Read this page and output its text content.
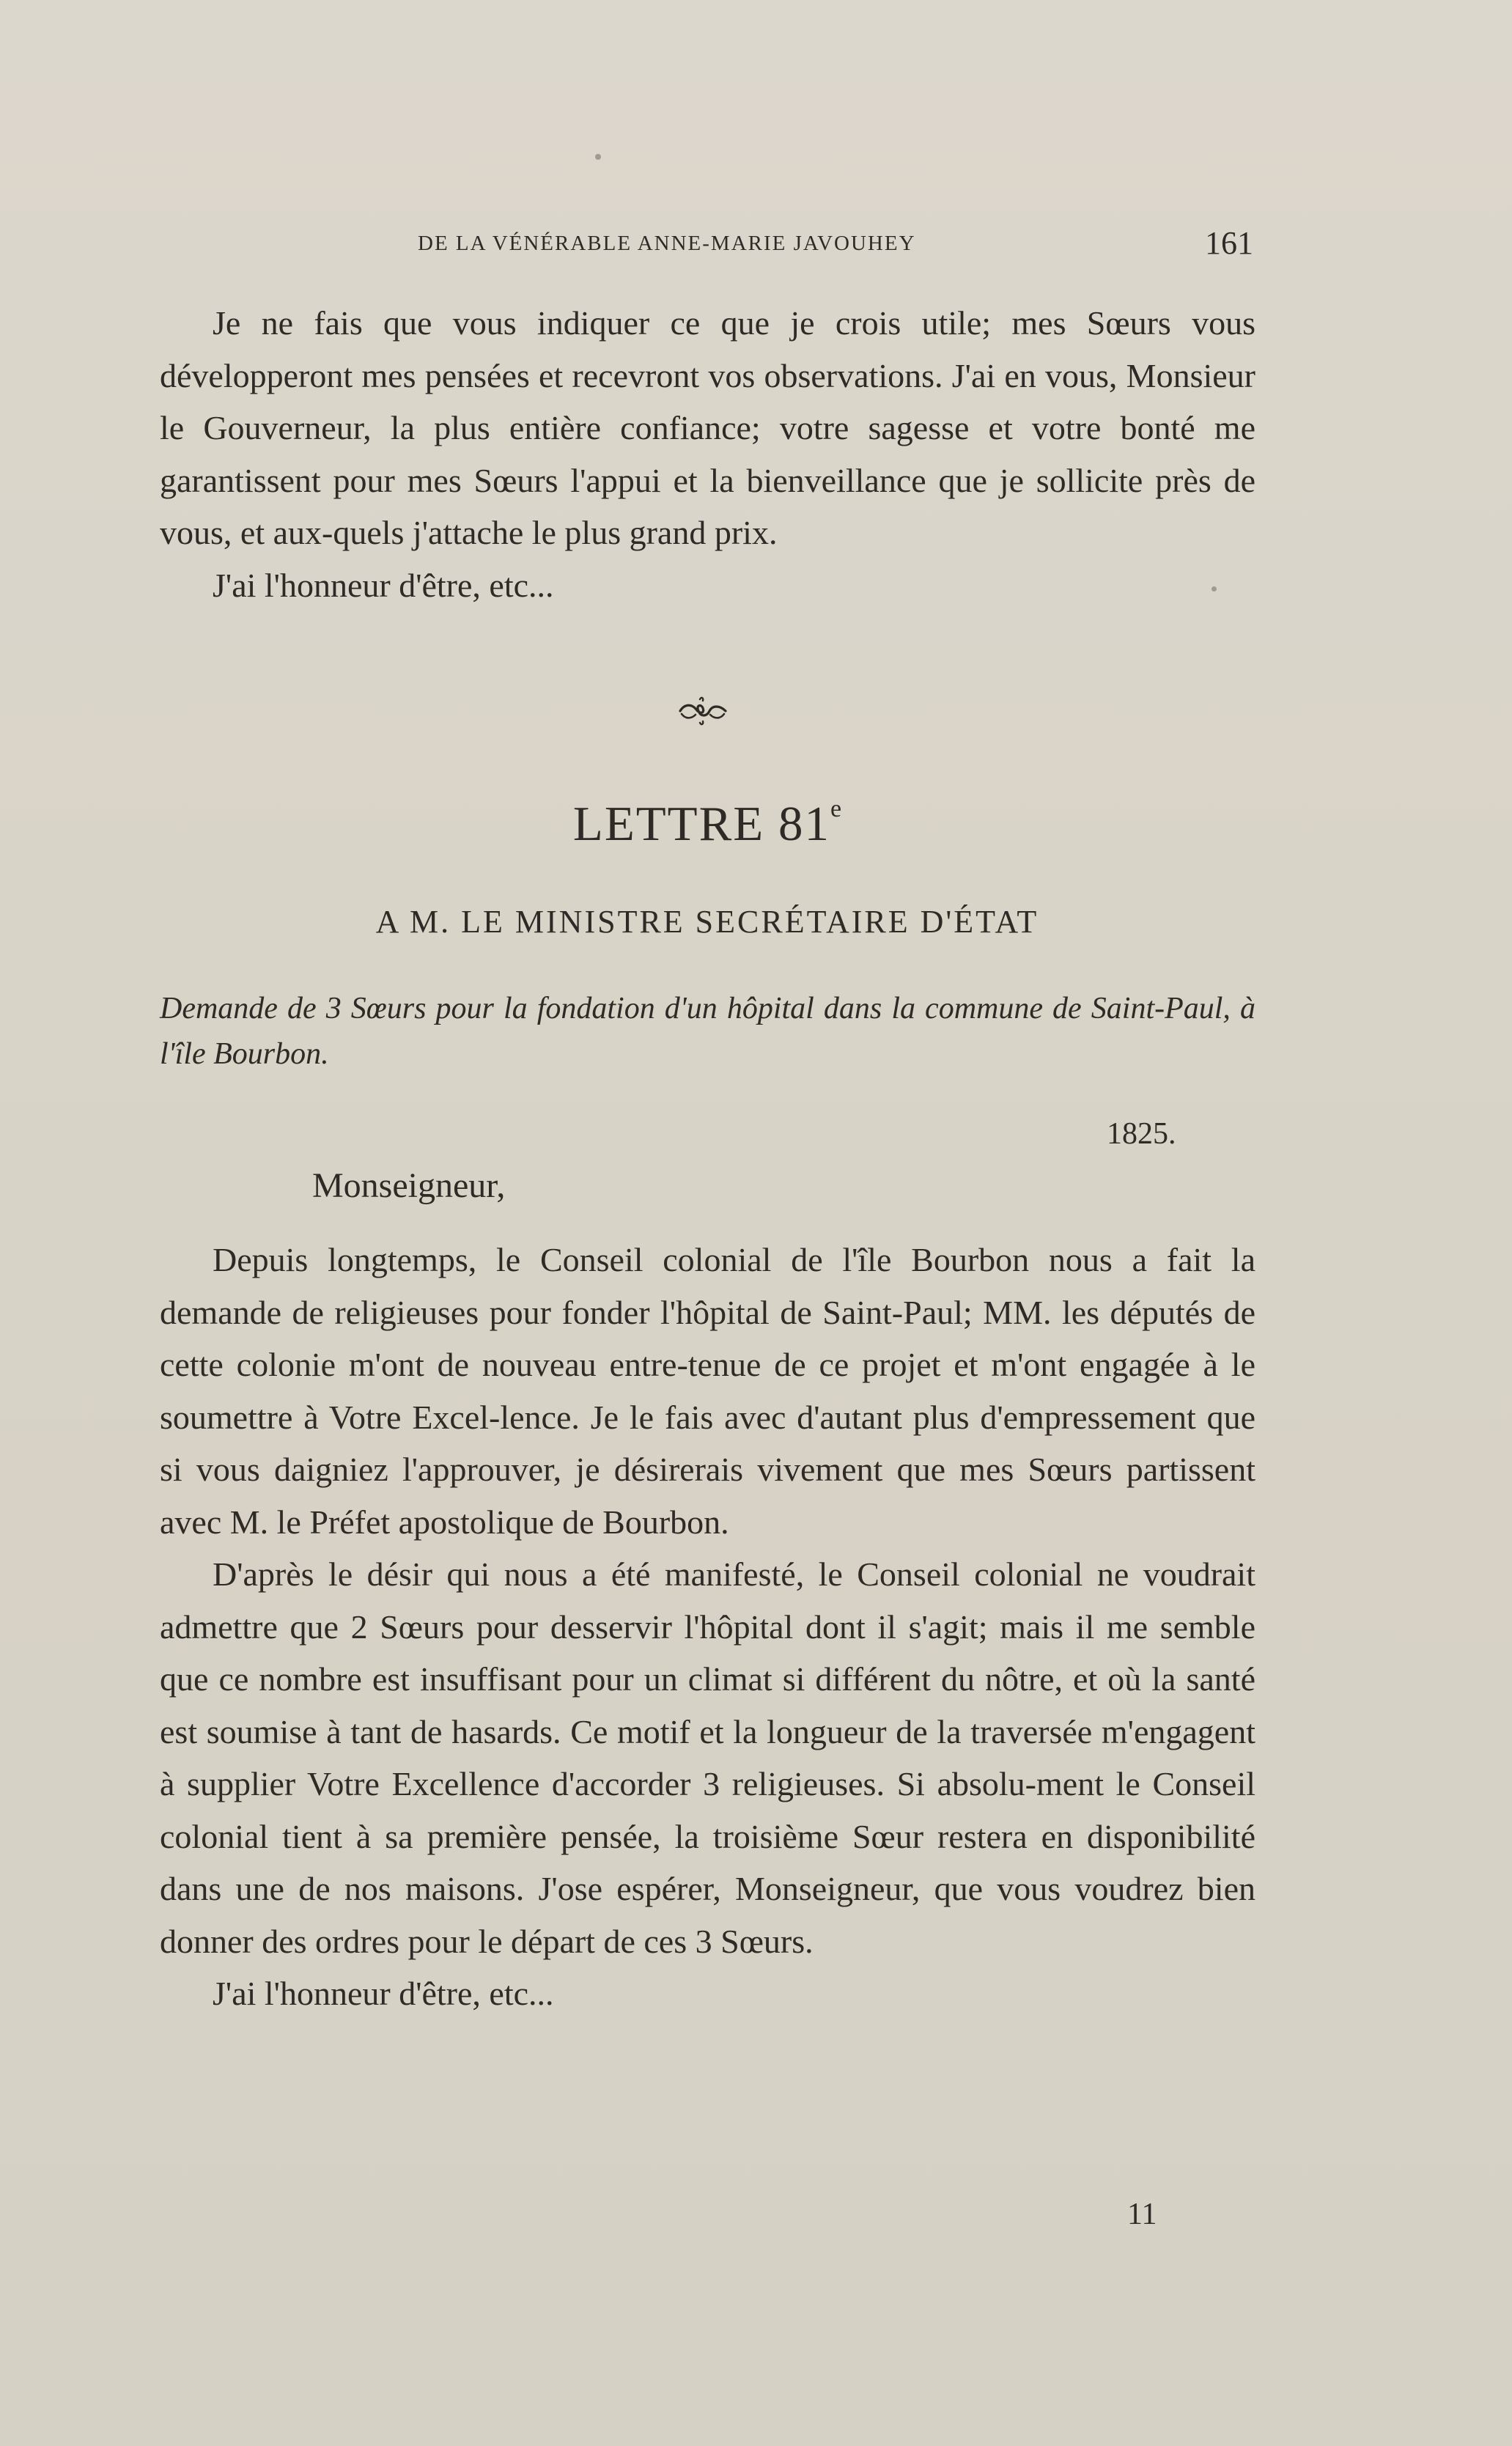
DE LA VÉNÉRABLE ANNE-MARIE JAVOUHEY	161

Je ne fais que vous indiquer ce que je crois utile; mes Sœurs vous développeront mes pensées et recevront vos observations. J'ai en vous, Monsieur le Gouverneur, la plus entière confiance; votre sagesse et votre bonté me garantissent pour mes Sœurs l'appui et la bienveillance que je sollicite près de vous, et aux-quels j'attache le plus grand prix.

J'ai l'honneur d'être, etc...

LETTRE 81e
A M. LE MINISTRE SECRÉTAIRE D'ÉTAT
Demande de 3 Sœurs pour la fondation d'un hôpital dans la commune de Saint-Paul, à l'île Bourbon.
1825.
Monseigneur,

Depuis longtemps, le Conseil colonial de l'île Bourbon nous a fait la demande de religieuses pour fonder l'hôpital de Saint-Paul; MM. les députés de cette colonie m'ont de nouveau entre-tenue de ce projet et m'ont engagée à le soumettre à Votre Excel-lence. Je le fais avec d'autant plus d'empressement que si vous daigniez l'approuver, je désirerais vivement que mes Sœurs partissent avec M. le Préfet apostolique de Bourbon.

D'après le désir qui nous a été manifesté, le Conseil colonial ne voudrait admettre que 2 Sœurs pour desservir l'hôpital dont il s'agit; mais il me semble que ce nombre est insuffisant pour un climat si différent du nôtre, et où la santé est soumise à tant de hasards. Ce motif et la longueur de la traversée m'engagent à supplier Votre Excellence d'accorder 3 religieuses. Si absolu-ment le Conseil colonial tient à sa première pensée, la troisième Sœur restera en disponibilité dans une de nos maisons. J'ose espérer, Monseigneur, que vous voudrez bien donner des ordres pour le départ de ces 3 Sœurs.

J'ai l'honneur d'être, etc...

11
